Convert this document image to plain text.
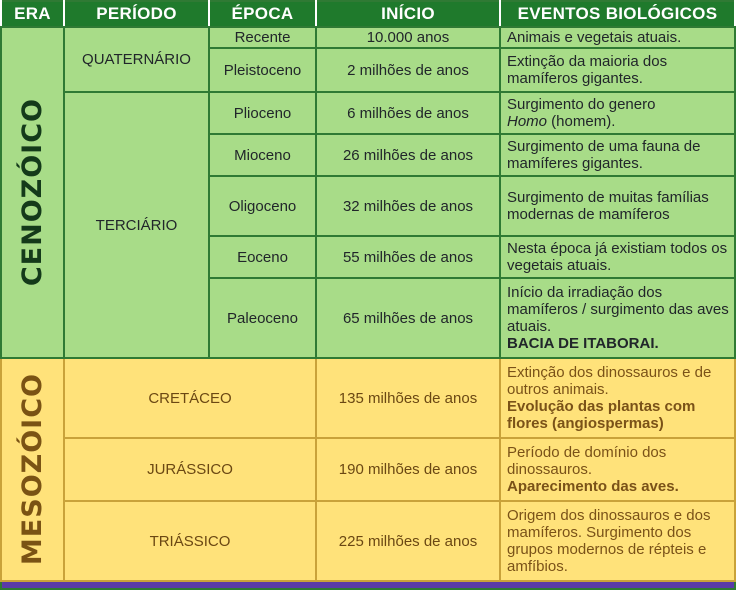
ERA	PERÍODO	ÉPOCA	INÍCIO	EVENTOS BIOLÓGICOS

CENOZÓICO	QUATERNÁRIO	Recente	10.000 anos	Animais e vegetais atuais.
		Pleistoceno	2 milhões de anos	Extinção da maioria dos mamíferos gigantes.
	TERCIÁRIO	Plioceno	6 milhões de anos	Surgimento do genero
Homo (homem).
		Mioceno	26 milhões de anos	Surgimento de uma fauna de mamíferes gigantes.
		Oligoceno	32 milhões de anos	Surgimento de muitas famílias modernas de mamíferos
		Eoceno	55 milhões de anos	Nesta época já existiam todos os vegetais atuais.
		Paleoceno	65 milhões de anos	Início da irradiação dos mamíferos / surgimento das aves atuais.
BACIA DE ITABORAI.

MESOZÓICO	CRETÁCEO		135 milhões de anos	Extinção dos dinossauros e de outros animais.
Evolução das plantas com flores (angiospermas)
	JURÁSSICO		190 milhões de anos	Período de domínio dos dinossauros.
Aparecimento das aves.
	TRIÁSSICO		225 milhões de anos	Origem dos dinossauros e dos mamíferos. Surgimento dos grupos modernos de répteis e amfíbios.
